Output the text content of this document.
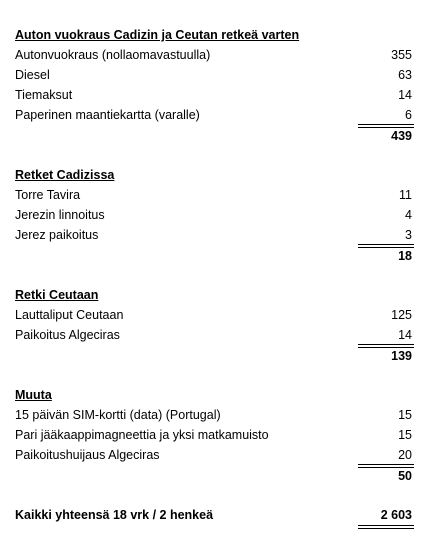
Auton vuokraus Cadizin ja Ceutan retkeä varten
Autonvuokraus (nollaomavastuulla)	355
Diesel	63
Tiemaksut	14
Paperinen maantiekartta (varalle)	6
439
Retket Cadizissa
Torre Tavira	11
Jerezin linnoitus	4
Jerez paikoitus	3
18
Retki Ceutaan
Lauttaliput Ceutaan	125
Paikoitus Algeciras	14
139
Muuta
15 päivän SIM-kortti (data) (Portugal)	15
Pari jääkaappimagneettia ja yksi matkamuisto	15
Paikoitushuijaus Algeciras	20
50
Kaikki yhteensä 18 vrk / 2 henkeä	2 603
